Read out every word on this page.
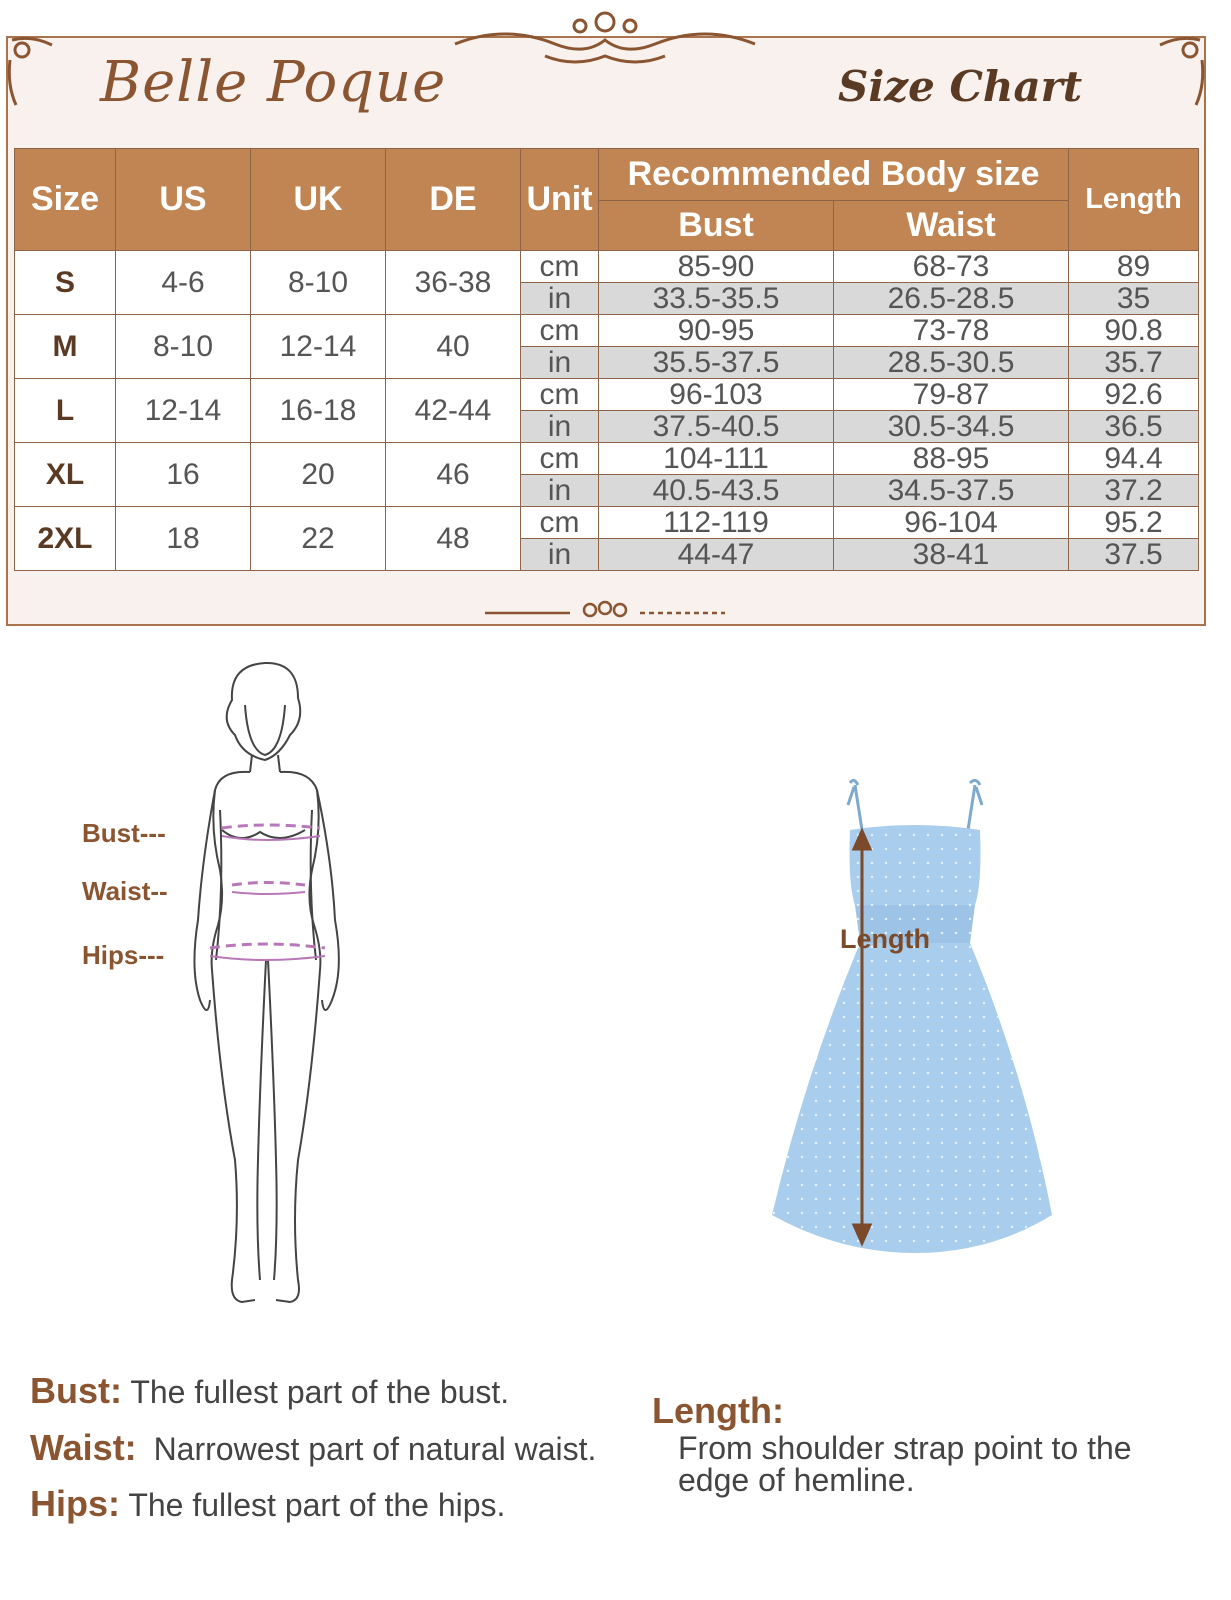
Belle Poque	Size Chart
Size	US	UK	DE	Unit	Recommended Body size		Length
					Bust	Waist	
S	4-6	8-10	36-38	cm	85-90	68-73	89
				in	33.5-35.5	26.5-28.5	35
M	8-10	12-14	40	cm	90-95	73-78	90.8
				in	35.5-37.5	28.5-30.5	35.7
L	12-14	16-18	42-44	cm	96-103	79-87	92.6
				in	37.5-40.5	30.5-34.5	36.5
XL	16	20	46	cm	104-111	88-95	94.4
				in	40.5-43.5	34.5-37.5	37.2
2XL	18	22	48	cm	112-119	96-104	95.2
				in	44-47	38-41	37.5
Bust---
Waist--
Hips---
Length
Bust: The fullest part of the bust.
Waist: Narrowest part of natural waist.
Hips: The fullest part of the hips.
Length:
From shoulder strap point to the edge of hemline.
